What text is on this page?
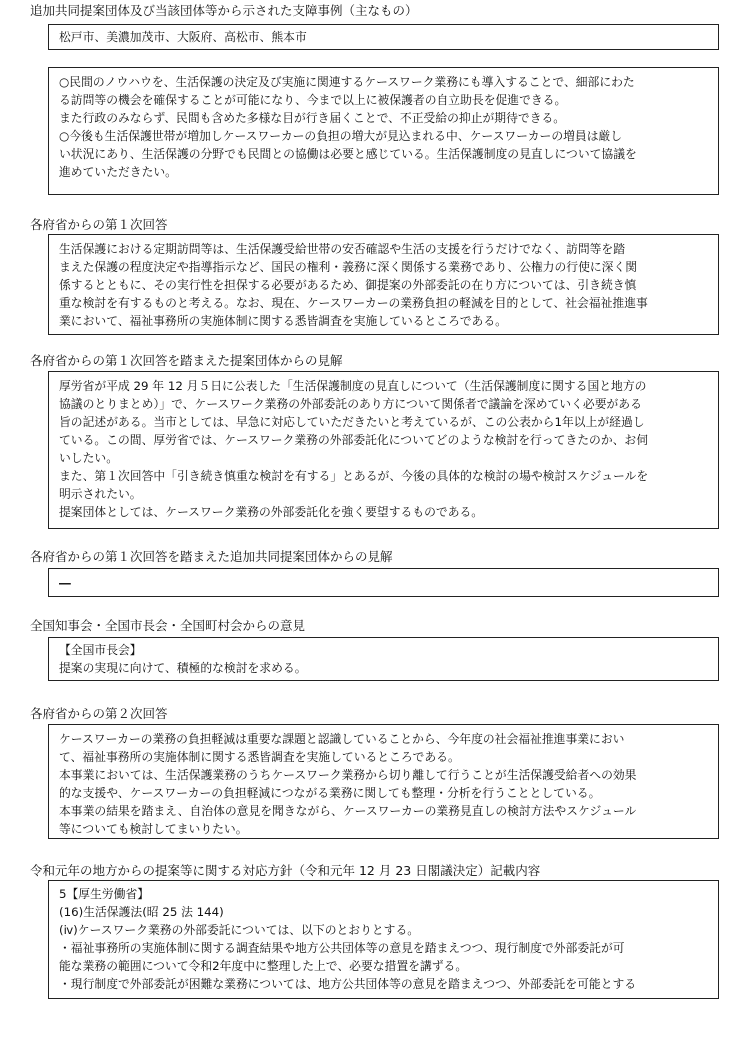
追加共同提案団体及び当該団体等から示された支障事例（主なもの）

松戸市、美濃加茂市、大阪府、高松市、熊本市

○民間のノウハウを、生活保護の決定及び実施に関連するケースワーク業務にも導入することで、細部にわた

る訪問等の機会を確保することが可能になり、今まで以上に被保護者の自立助長を促進できる。

また行政のみならず、民間も含めた多様な目が行き届くことで、不正受給の抑止が期待できる。

○今後も生活保護世帯が増加しケースワーカーの負担の増大が見込まれる中、ケースワーカーの増員は厳し

い状況にあり、生活保護の分野でも民間との協働は必要と感じている。生活保護制度の見直しについて協議を

進めていただきたい。

各府省からの第１次回答

生活保護における定期訪問等は、生活保護受給世帯の安否確認や生活の支援を行うだけでなく、訪問等を踏

まえた保護の程度決定や指導指示など、国民の権利・義務に深く関係する業務であり、公権力の行使に深く関

係するとともに、その実行性を担保する必要があるため、御提案の外部委託の在り方については、引き続き慎

重な検討を有するものと考える。なお、現在、ケースワーカーの業務負担の軽減を目的として、社会福祉推進事

業において、福祉事務所の実施体制に関する悉皆調査を実施しているところである。

各府省からの第１次回答を踏まえた提案団体からの見解

厚労省が平成 29 年 12 月５日に公表した「生活保護制度の見直しについて（生活保護制度に関する国と地方の

協議のとりまとめ）」で、ケースワーク業務の外部委託のあり方について関係者で議論を深めていく必要がある

旨の記述がある。当市としては、早急に対応していただきたいと考えているが、この公表から1年以上が経過し

ている。この間、厚労省では、ケースワーク業務の外部委託化についてどのような検討を行ってきたのか、お伺

いしたい。

また、第１次回答中「引き続き慎重な検討を有する」とあるが、今後の具体的な検討の場や検討スケジュールを

明示されたい。

提案団体としては、ケースワーク業務の外部委託化を強く要望するものである。

各府省からの第１次回答を踏まえた追加共同提案団体からの見解

―

全国知事会・全国市長会・全国町村会からの意見

【全国市長会】

提案の実現に向けて、積極的な検討を求める。

各府省からの第２次回答

ケースワーカーの業務の負担軽減は重要な課題と認識していることから、今年度の社会福祉推進事業におい

て、福祉事務所の実施体制に関する悉皆調査を実施しているところである。

本事業においては、生活保護業務のうちケースワーク業務から切り離して行うことが生活保護受給者への効果

的な支援や、ケースワーカーの負担軽減につながる業務に関しても整理・分析を行うこととしている。

本事業の結果を踏まえ、自治体の意見を聞きながら、ケースワーカーの業務見直しの検討方法やスケジュール

等についても検討してまいりたい。

令和元年の地方からの提案等に関する対応方針（令和元年 12 月 23 日閣議決定）記載内容

5【厚生労働省】

(16)生活保護法(昭 25 法 144)

(ⅳ)ケースワーク業務の外部委託については、以下のとおりとする。

・福祉事務所の実施体制に関する調査結果や地方公共団体等の意見を踏まえつつ、現行制度で外部委託が可

能な業務の範囲について令和2年度中に整理した上で、必要な措置を講ずる。

・現行制度で外部委託が困難な業務については、地方公共団体等の意見を踏まえつつ、外部委託を可能とする
